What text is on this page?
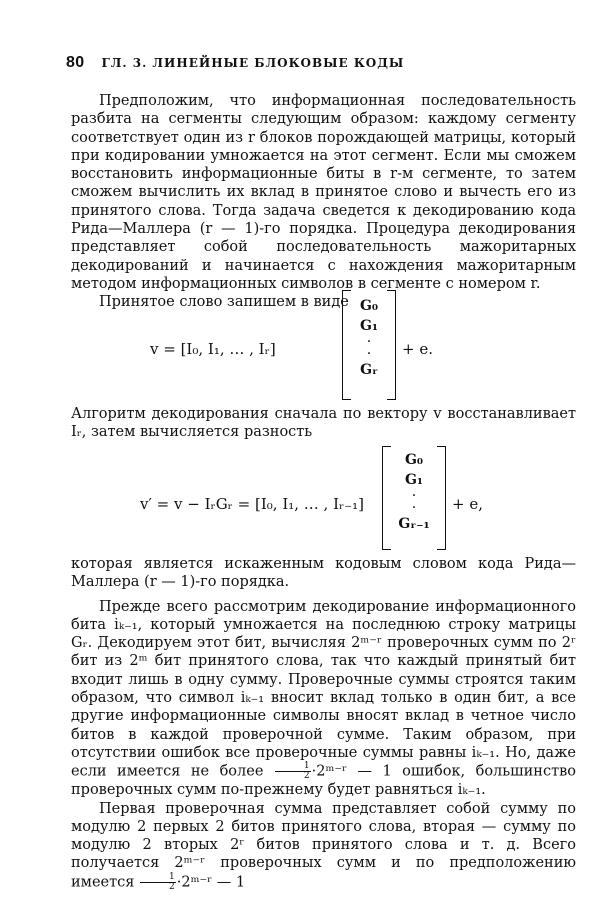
80 ГЛ. 3. ЛИНЕЙНЫЕ БЛОКОВЫЕ КОДЫ

Предположим, что информационная последовательность разбита на сегменты следующим образом: каждому сегменту соответствует один из r блоков порождающей матрицы, который при кодировании умножается на этот сегмент. Если мы сможем восстановить информационные биты в r-м сегменте, то затем сможем вычислить их вклад в принятое слово и вычесть его из принятого слова. Тогда задача сведется к декодированию кода Рида—Маллера (r — 1)-го порядка. Процедура декодирования представляет собой последовательность мажоритарных декодирований и начинается с нахождения мажоритарным методом информационных символов в сегменте с номером r.

Принятое слово запишем в виде

v = [I₀, I₁, … , Iᵣ]
G₀
G₁
·
·
Gᵣ
+ e.

Алгоритм декодирования сначала по вектору v восстанавливает Iᵣ, затем вычисляется разность

v′ = v − IᵣGᵣ = [I₀, I₁, … , Iᵣ₋₁]
G₀
G₁
·
·
Gᵣ₋₁
+ e,

которая является искаженным кодовым словом кода Рида—Маллера (r — 1)-го порядка.

Прежде всего рассмотрим декодирование информационного бита iₖ₋₁, который умножается на последнюю строку матрицы Gᵣ. Декодируем этот бит, вычисляя 2ᵐ⁻ʳ проверочных сумм по 2ʳ бит из 2ᵐ бит принятого слова, так что каждый принятый бит входит лишь в одну сумму. Проверочные суммы строятся таким образом, что символ iₖ₋₁ вносит вклад только в один бит, а все другие информационные символы вносят вклад в четное число битов в каждой проверочной сумме. Таким образом, при отсутствии ошибок все проверочные суммы равны iₖ₋₁. Но, даже если имеется не более $\frac{1}{2}$ ·2ᵐ⁻ʳ — 1 ошибок, большинство проверочных сумм по-прежнему будет равняться iₖ₋₁.

Первая проверочная сумма представляет собой сумму по модулю 2 первых 2 битов принятого слова, вторая — сумму по модулю 2 вторых 2ʳ битов принятого слова и т. д. Всего получается 2ᵐ⁻ʳ проверочных сумм и по предположению имеется $\frac{1}{2}$ ·2ᵐ⁻ʳ — 1
